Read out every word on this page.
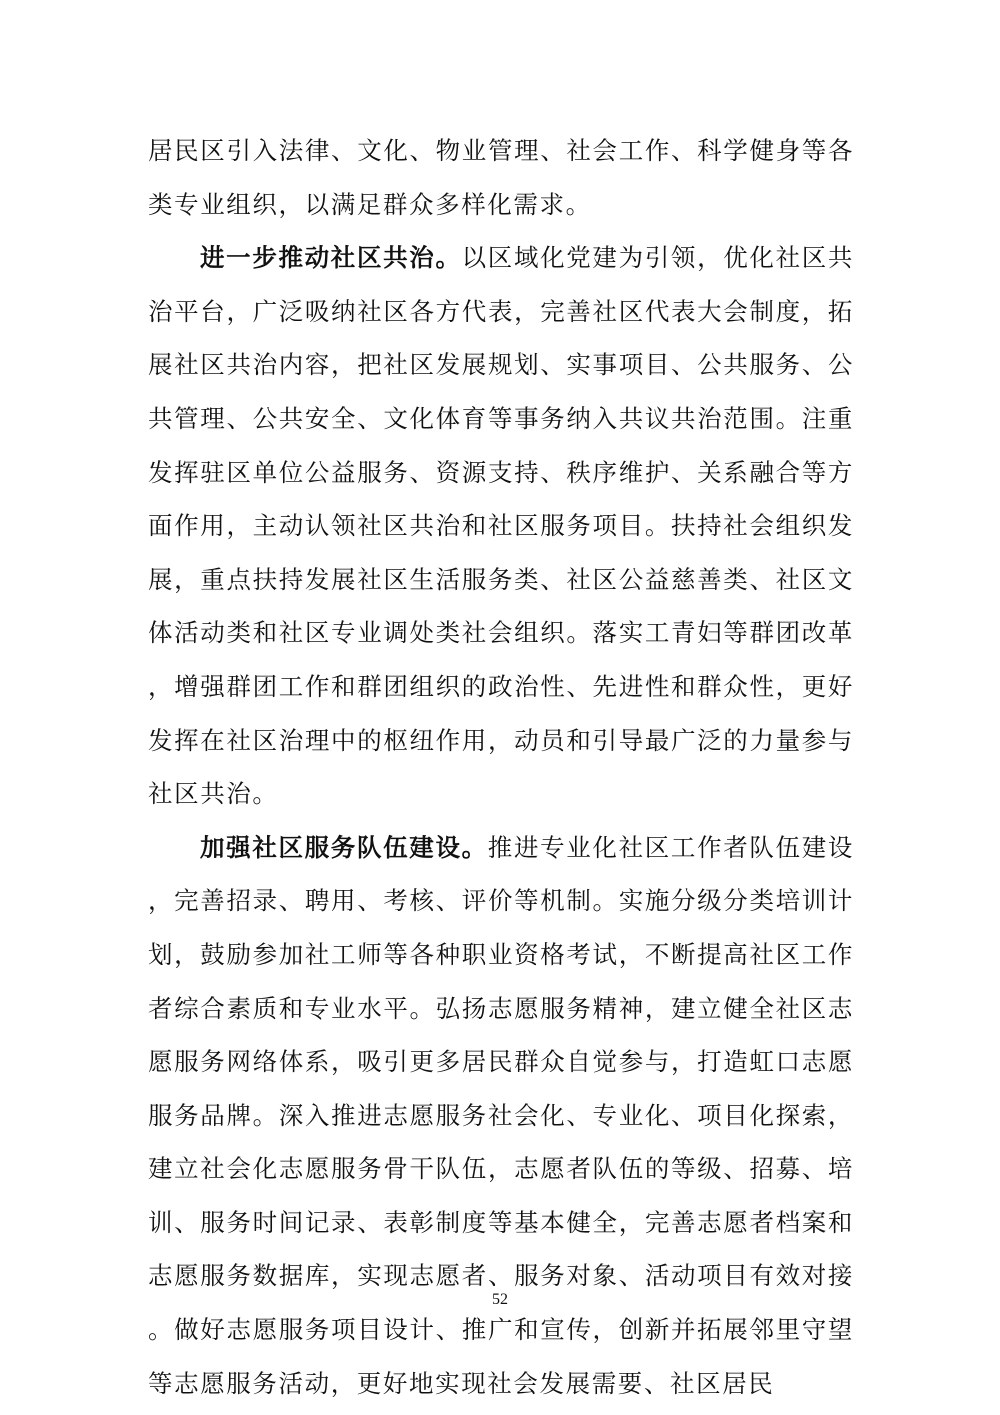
居民区引入法律、文化、物业管理、社会工作、科学健身等各类专业组织，以满足群众多样化需求。

进一步推动社区共治。以区域化党建为引领，优化社区共治平台，广泛吸纳社区各方代表，完善社区代表大会制度，拓展社区共治内容，把社区发展规划、实事项目、公共服务、公共管理、公共安全、文化体育等事务纳入共议共治范围。注重发挥驻区单位公益服务、资源支持、秩序维护、关系融合等方面作用，主动认领社区共治和社区服务项目。扶持社会组织发展，重点扶持发展社区生活服务类、社区公益慈善类、社区文体活动类和社区专业调处类社会组织。落实工青妇等群团改革，增强群团工作和群团组织的政治性、先进性和群众性，更好发挥在社区治理中的枢纽作用，动员和引导最广泛的力量参与社区共治。

加强社区服务队伍建设。推进专业化社区工作者队伍建设，完善招录、聘用、考核、评价等机制。实施分级分类培训计划，鼓励参加社工师等各种职业资格考试，不断提高社区工作者综合素质和专业水平。弘扬志愿服务精神，建立健全社区志愿服务网络体系，吸引更多居民群众自觉参与，打造虹口志愿服务品牌。深入推进志愿服务社会化、专业化、项目化探索，建立社会化志愿服务骨干队伍，志愿者队伍的等级、招募、培训、服务时间记录、表彰制度等基本健全，完善志愿者档案和志愿服务数据库，实现志愿者、服务对象、活动项目有效对接。做好志愿服务项目设计、推广和宣传，创新并拓展邻里守望等志愿服务活动，更好地实现社会发展需要、社区居民

52
